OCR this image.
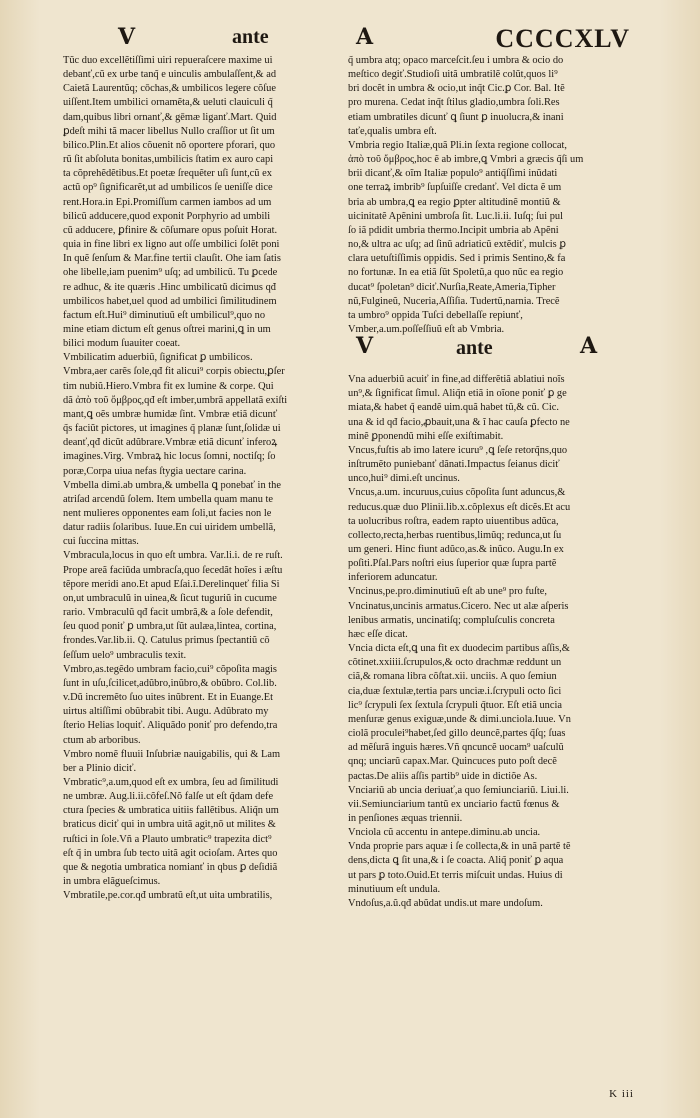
V	ante	A	CCCCXLV

Tũc duo excellẽtiſſimi uiri repueraſcere maxime ui

debanť,cũ ex urbe tanq̃ e uinculis ambulaſſent,& ad

Caietã Laurentũq; cōchas,& umbilicos legere cõſue

uiſſent.Item umbilici ornamẽta,& ueluti clauiculi q̃

dam,quibus libri ornanť,& gēmæ liganť.Mart. Quid

ꝑdeſt mihi tã macer libellus Nullo craſſior ut ſit um

bilico.Plin.Et alios cõuenit nõ oportere pforari, quo

rũ ſit abſoluta bonitas,umbilicis ſtatim ex auro capi

ta cõprehẽdẽtibus.Et poetæ ſrequẽter uſi ſunt,cũ ex

actũ op⁹ ſignificarẽt,ut ad umbilicos ſe ueniſſe dice

rent.Hora.in Epi.Promiſſum carmen iambos ad um

bilicũ adducere,quod exponit Porphyrio ad umbili

cũ adducere, ꝑfinire & cõſumare opus poſuit Horat.

quia in fine libri ex ligno aut oſſe umbilici ſolẽt poni

In quẽ ſenſum & Mar.fine tertii clauſit. Ohe iam ſatis

ohe libelle,iam puenim⁹ uſq; ad umbilicũ. Tu ꝑcede

re adhuc, & ite quæris .Hinc umbilicatũ dicimus qđ

umbilicos habet,uel quod ad umbilici ſimilitudinem

factum eſt.Hui⁹ diminutiuũ eſt umbilicul⁹,quo no

mine etiam dictum eſt genus oſtrei marini,ꝗ in um

bilici modum ſuauiter coeat.

Vmbilicatim aduerbiũ, ſignificat ꝑ umbilicos.

Vmbra,aer carẽs ſole,qđ fit alicui⁹ corpis obiectu,ꝑſer

tim nubiũ.Hiero.Vmbra fit ex lumine & corpe. Qui

dã ἀπὸ τοῦ ὄμβρος,qđ eſt imber,umbrã appellatã exiſti

mant,ꝗ oẽs umbræ humidæ ſint. Vmbræ etiã dicunť

q̃s faciũt pictores, ut imagines q̃ planæ ſunt,ſolidæ ui

deanť,qđ dicũt adũbrare.Vmbræ etiã dicunť inferoꝝ

imagines.Virg. Vmbraꝝ hic locus ſomni, noctiſq; ſo

poræ,Corpa uiua nefas ſtygia uectare carina.

Vmbella dimi.ab umbra,& umbella ꝗ ponebať in the

atriſad arcendũ ſolem. Item umbella quam manu te

nent mulieres opponentes eam ſoli,ut facies non le

datur radiis ſolaribus. Iuue.En cui uiridem umbellã,

cui ſuccina mittas.

Vmbracula,locus in quo eſt umbra. Var.li.i. de re ruſt.

Prope areã faciũda umbracſa,quo ſecedãt hoĩes i æſtu

tẽpore meridi ano.Et apud Eſai.ĩ.Derelinqueť filia Si

on,ut umbraculũ in uinea,& ſicut tuguriũ in cucume

rario. Vmbraculũ qđ facit umbrã,& a ſole defendit,

ſeu quod poniť ꝑ umbra,ut ſũt aulæa,lintea, cortina,

frondes.Var.lib.ii. Q. Catulus primus ſpectantiũ cõ

ſeſſum uelo⁹ umbraculis texit.

Vmbro,as.tegẽdo umbram facio,cui⁹ cõpoſita magis

ſunt in uſu,ſcilicet,adũbro,inũbro,& obũbro. Col.lib.

v.Dũ incremẽto ſuo uites inũbrent. Et in Euange.Et

uirtus altiſſimi obũbrabit tibi. Augu. Adũbrato my

ſterio Helias loquiť. Aliquãdo poniť pro defendo,tra

ctum ab arboribus.

Vmbro nomẽ fluuii Inſubriæ nauigabilis, qui & Lam

ber a Plinio diciť.

Vmbratic⁹,a.um,quod eſt ex umbra, ſeu ad ſimilitudi

ne umbræ. Aug.li.ii.cõfeſ.Nõ falſe ut eſt q̃dam defe

ctura ſpecies & umbratica uitiis fallẽtibus. Aliq̃n um

braticus diciť qui in umbra uitã agit,nõ ut milites &

ruſtici in ſole.Vñ a Plauto umbratic⁹ trapezita dict⁹

eſt q̃ in umbra ſub tecto uitã agit ocioſam. Artes quo

que & negotia umbratica nomianť in qbus ꝑ deſidiã

in umbra elãgueſcimus.

Vmbratile,pe.cor.qđ umbratũ eſt,ut uita umbratilis,

q̃ umbra atq; opaco marceſcit.ſeu i umbra & ocio do

meſtico degiť.Studioſi uitã umbratilẽ colũt,quos li⁹

bri docẽt in umbra & ocio,ut inq̃t Cic.ꝑ Cor. Bal. Itẽ

pro murena. Cedat inq̃t ſtilus gladio,umbra ſoli.Res

etiam umbratiles dicunť ꝗ ſiunt ꝑ inuolucra,& inani

taťe,qualis umbra eſt.

Vmbria regio Italiæ,quã Pli.in ſexta regione collocat,

ἀπὸ τοῦ ὄμβρος,hoc ẽ ab imbre,ꝗ Vmbri a græcis q̃ſi um

brii dicanť,& oĩm Italiæ populo⁹ antiq̃ſſimi inũdati

one terraꝝ imbrib⁹ ſupſuiſſe credanť. Vel dicta ẽ um

bria ab umbra,ꝗ ea regio ꝑpter altitudinẽ montiũ &

uicinitatẽ Apẽnini umbroſa ſit. Luc.li.ii. Iuſq; ſui pul

ſo iã pdidit umbria thermo.Incipit umbria ab Apẽni

no,& ultra ac uſq; ad ſinũ adriaticũ extẽdiť, mulcis ꝑ

clara uetuſtiſſimis oppidis. Sed i primis Sentino,& fa

no fortunæ. In ea etiã ſũt Spoletũ,a quo nũc ea regio

ducat⁹ ſpoletan⁹ diciť.Nurſia,Reate,Ameria,Tipher

nũ,Fulgineũ, Nuceria,Aſſiſia. Tudertũ,narnia. Trecẽ

ta umbro⁹ oppida Tuſci debellaſſe repiunť,

Vmber,a.um.poſſeſſiuũ eſt ab Vmbria.

V	ante	A

Vna aduerbiũ acuiť in fine,ad differẽtiã ablatiui noĩs

un⁹,& ſignificat ſimul. Aliq̃n etiã in oĩone poniť ꝑ ge

miata,& habet q̃ eandẽ uim.quã habet tũ,& cũ. Cic.

una & id qđ facio,ꝓbauit,una & ĩ hac cauſa ꝑfecto ne

minẽ ꝑponendũ mihi eſſe exiſtimabit.

Vncus,fuſtis ab imo latere icuru⁹ ,ꝗ ſeſe retorq̃ns,quo

inſtrumẽto puniebanť dãnati.Impactus ſeianus diciť

unco,hui⁹ dimi.eſt uncinus.

Vncus,a.um. incuruus,cuius cõpoſita ſunt aduncus,&

reducus.quæ duo Plinii.lib.x.cõplexus eſt dicẽs.Et acu

ta uolucribus roſtra, eadem rapto uiuentibus adũca,

collecto,recta,herbas ruentibus,limũq; redunca,ut ſu

um generi. Hinc fiunt adũco,as.& inũco. Augu.In ex

poſiti.Pſal.Pars noſtri eius ſuperior quæ ſupra partẽ

inferiorem aduncatur.

Vncinus,pe.pro.diminutiuũ eſt ab une⁹ pro fuſte,

Vncinatus,uncinis armatus.Cicero. Nec ut alæ aſperis

lenibus armatis, uncinatiſq; compluſculis concreta

hæc eſſe dicat.

Vncia dicta eſt,ꝗ una fit ex duodecim partibus aſſis,&

cõtinet.xxiiii.ſcrupulos,& octo drachmæ reddunt un

ciã,& romana libra cõſtat.xii. unciis. A quo ſemiun

cia,duæ ſextulæ,tertia pars unciæ.i.ſcrypuli octo ſici

lic⁹ ſcrypuli ſex ſextula ſcrypuli q̃tuor. Eſt etiã uncia

menſuræ genus exiguæ,unde & dimi.unciola.Iuue. Vn

ciolã proculei⁹habet,ſed gillo deuncẽ,partes q̃ſq; ſuas

ad mẽſurã inguis hæres.Vñ qncuncẽ uocam⁹ uaſculũ

qnq; unciarũ capax.Mar. Quincuces puto poſt decẽ

pactas.De aliis aſſis partib⁹ uide in dictiõe As.

Vnciariũ ab uncia deriuať,a quo ſemiunciariũ. Liui.li.

vii.Semiunciarium tantũ ex unciario factũ fœnus &

in penſiones æquas triennii.

Vnciola cũ accentu in antepe.diminu.ab uncia.

Vnda proprie pars aquæ i ſe collecta,& in unã partẽ tẽ

dens,dicta ꝗ ſit una,& i ſe coacta. Aliq̃ poniť ꝑ aqua

ut pars ꝑ toto.Ouid.Et terris miſcuit undas. Huius di

minutiuum eſt undula.

Vndoſus,a.ũ.qđ abũdat undis.ut mare undoſum.

K iii
